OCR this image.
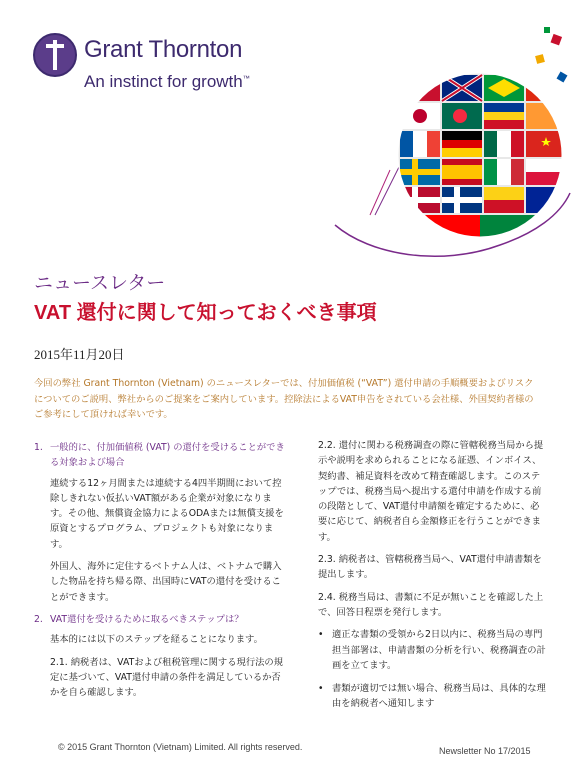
Grant Thornton
An instinct for growth™
ニュースレター
VAT 還付に関して知っておくべき事項
2015年11月20日
今回の弊社 Grant Thornton (Vietnam) のニュースレターでは、付加価値税 (“VAT”) 還付申請の手順概要およびリスクについてのご説明、弊社からのご提案をご案内しています。控除法によるVAT申告をされている会社様、外国契約者様のご参考にして頂ければ幸いです。
1. 一般的に、付加価値税 (VAT) の還付を受けることができる対象および場合

連続する12ヶ月間または連続する4四半期間において控除しきれない仮払いVAT額がある企業が対象になります。その他、無償資金協力によるODAまたは無償支援を原資とするプログラム、プロジェクトも対象になります。

外国人、海外に定住するベトナム人は、ベトナムで購入した物品を持ち帰る際、出国時にVATの還付を受けることができます。

2. VAT還付を受けるために取るべきステップは？

基本的には以下のステップを経ることになります。

2.1. 納税者は、VATおよび租税管理に関する現行法の規定に基づいて、VAT還付申請の条件を満足しているか否かを自ら確認します。

2.2. 還付に関わる税務調査の際に管轄税務当局から提示や説明を求められることになる証憑、インボイス、契約書、補足資料を改めて精査確認します。このステップでは、税務当局へ提出する還付申請を作成する前の段階として、VAT還付申請額を確定するために、必要に応じて、納税者自ら金額修正を行うことができます。

2.3. 納税者は、管轄税務当局へ、VAT還付申請書類を提出します。

2.4. 税務当局は、書類に不足が無いことを確認した上で、回答日程票を発行します。

• 適正な書類の受領から2日以内に、税務当局の専門担当部署は、申請書類の分析を行い、税務調査の計画を立てます。
• 書類が適切では無い場合、税務当局は、具体的な理由を納税者へ通知します
© 2015 Grant Thornton (Vietnam) Limited. All rights reserved.	Newsletter No 17/2015
